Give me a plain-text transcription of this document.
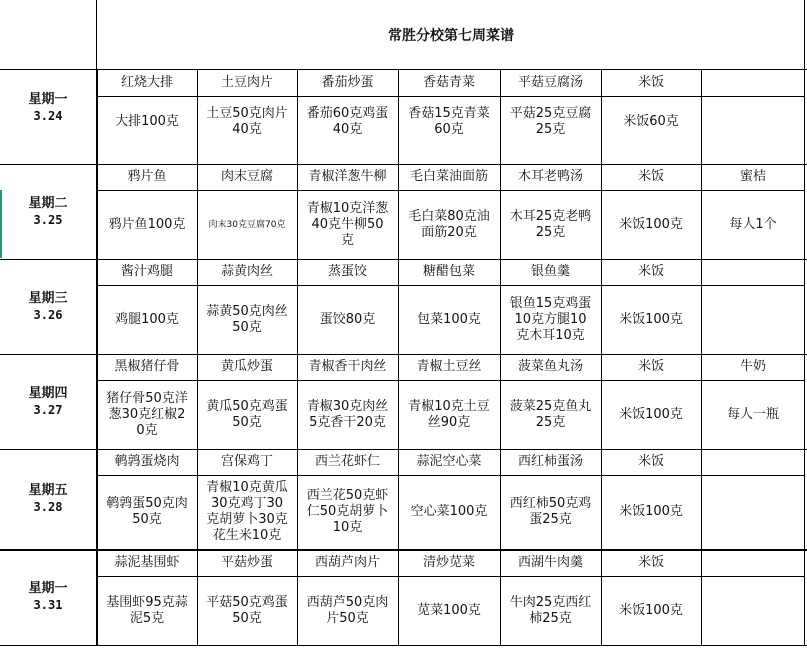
常胜分校第七周菜谱
星期一
3.24
红烧大排
大排100克
土豆肉片
土豆50克肉片40克
番茄炒蛋
番茄60克鸡蛋40克
香菇青菜
香菇15克青菜60克
平菇豆腐汤
平菇25克豆腐25克
米饭
米饭60克
星期二
3.25
鸦片鱼
鸦片鱼100克
肉末豆腐
肉末30克豆腐70克
青椒洋葱牛柳
青椒10克洋葱40克牛柳50克
毛白菜油面筋
毛白菜80克油面筋20克
木耳老鸭汤
木耳25克老鸭25克
米饭
米饭100克
蜜桔
每人1个
星期三
3.26
酱汁鸡腿
鸡腿100克
蒜黄肉丝
蒜黄50克肉丝50克
蒸蛋饺
蛋饺80克
糖醋包菜
包菜100克
银鱼羹
银鱼15克鸡蛋10克方腿10克木耳10克
米饭
米饭100克
星期四
3.27
黑椒猪仔骨
猪仔骨50克洋葱30克红椒20克
黄瓜炒蛋
黄瓜50克鸡蛋50克
青椒香干肉丝
青椒30克肉丝5克香干20克
青椒土豆丝
青椒10克土豆丝90克
菠菜鱼丸汤
菠菜25克鱼丸25克
米饭
米饭100克
牛奶
每人一瓶
星期五
3.28
鹌鹑蛋烧肉
鹌鹑蛋50克肉50克
宫保鸡丁
青椒10克黄瓜30克鸡丁30克胡萝卜30克花生米10克
西兰花虾仁
西兰花50克虾仁50克胡萝卜10克
蒜泥空心菜
空心菜100克
西红柿蛋汤
西红柿50克鸡蛋25克
米饭
米饭100克
星期一
3.31
蒜泥基围虾
基围虾95克蒜泥5克
平菇炒蛋
平菇50克鸡蛋50克
西葫芦肉片
西葫芦50克肉片50克
清炒苋菜
苋菜100克
西湖牛肉羹
牛肉25克西红柿25克
米饭
米饭100克
